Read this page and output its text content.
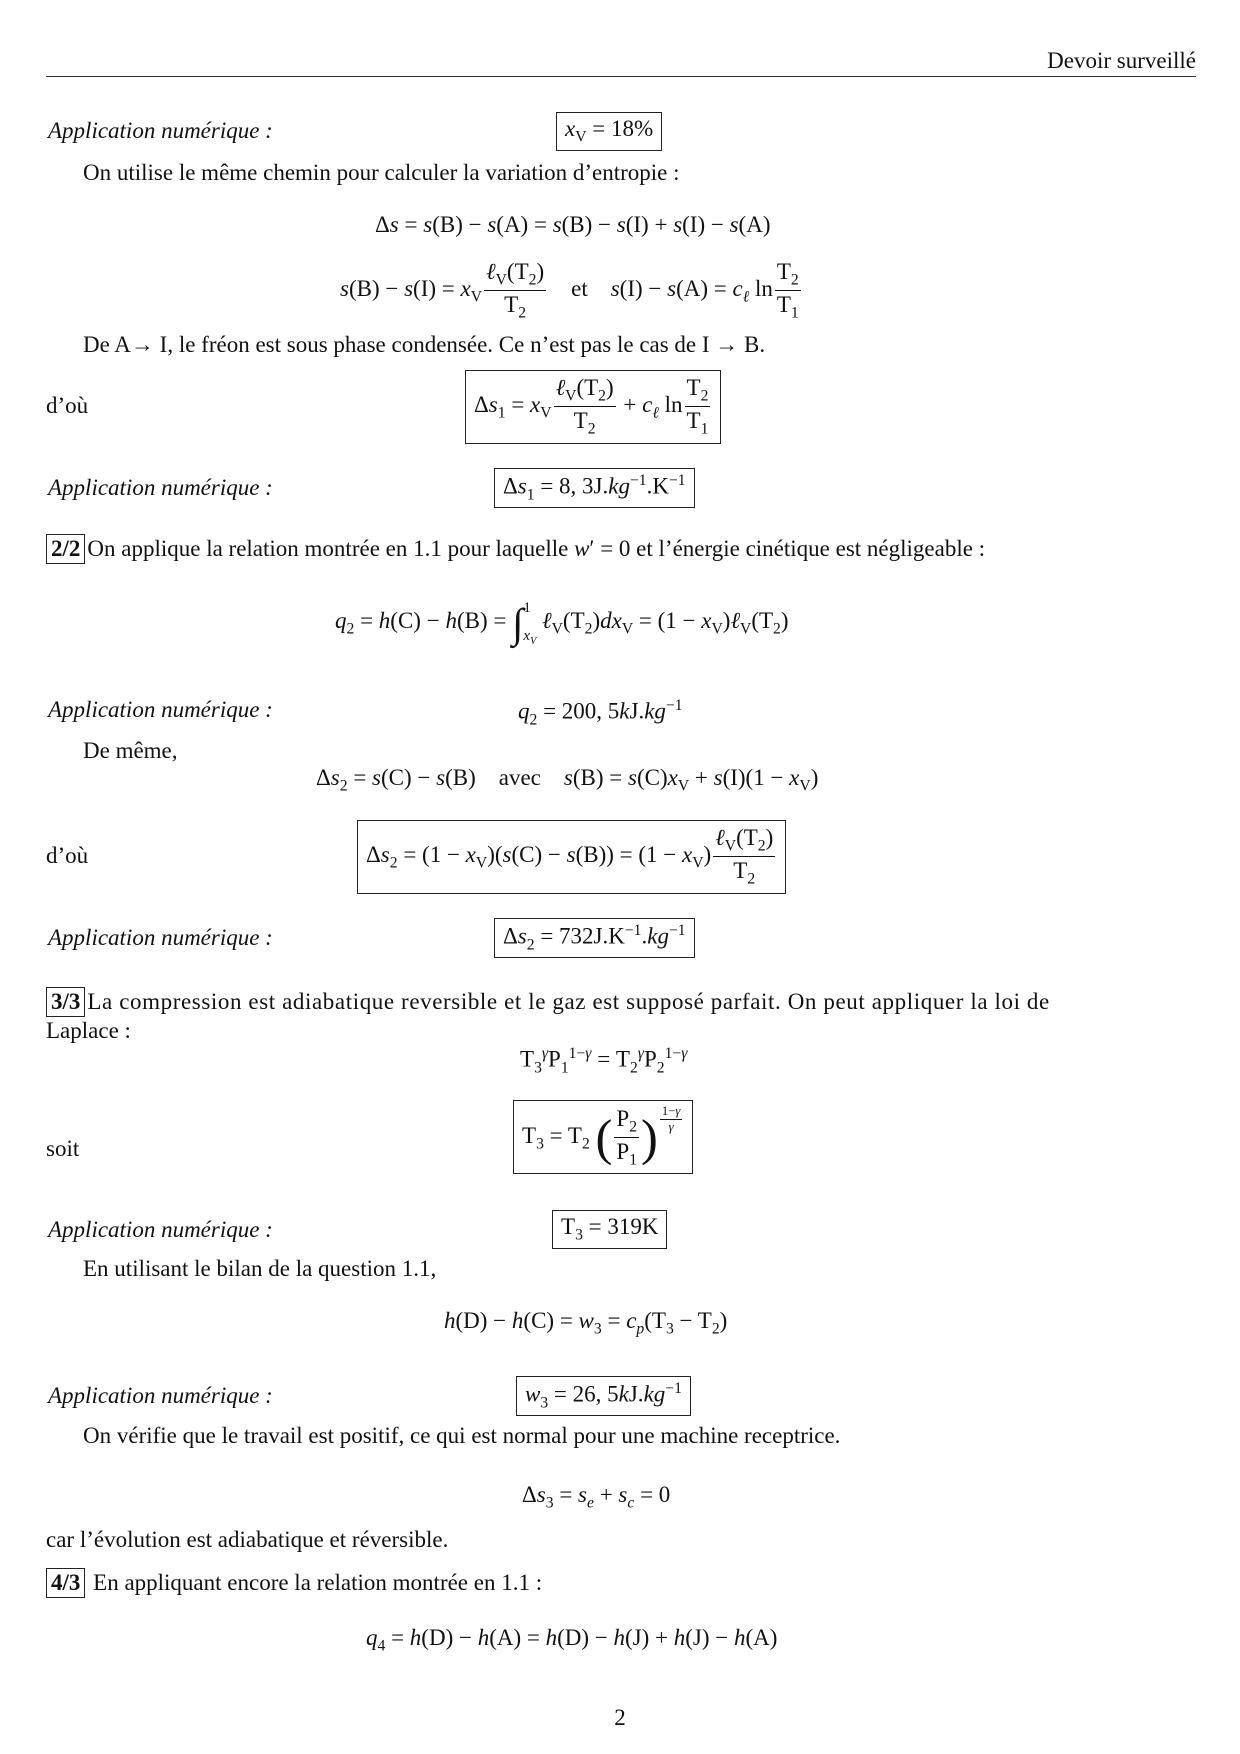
Devoir surveillé
Application numérique :	$x_V = 18\%$
On utilise le même chemin pour calculer la variation d’entropie :
Δs = s(B) − s(A) = s(B) − s(I) + s(I) − s(A)
$s(B) - s(I) = x_V \frac{\ell_V(T_2)}{T_2}$ et    $s(I) - s(A) = c_\ell$ $\ln \frac{T_2}{T_1}$
De A→ I, le fréon est sous phase condensée. Ce n’est pas le cas de I → B.
d’où	$\Delta s_1 = x_V \frac{\ell_V(T_2)}{T_2} + c_\ell$ $\ln \frac{T_2}{T_1}$
Application numérique :	$\Delta s_1 = 8$, $3J.kg^{-1}.K^{-1}$
2/2 On applique la relation montrée en 1.1 pour laquelle w′ = 0 et l’énergie cinétique est négligeable :
$q_2 = h(C) - h(B)$ = ∫ 1
$x_V$
$\ell_V(T_2)dx_V = (1$ − $x_V)\ell_V(T_2)$
Application numérique :	$q_2 = 200$, $5kJ.kg^{-1}$
De même,
$\Delta s_2 = s(C) - s(B)$    avec    $s(B) = s(C)x_V + s(I)(1 - x_V)$
d’où	$\Delta s_2 = (1 - x_V)(s(C) - s(B)) = (1 - x_V) \frac{\ell_V(T_2)}{T_2}$
Application numérique :	$\Delta s_2 = 732J.K^{-1}.kg^{-1}$
3/3 La compression est adiabatique reversible et le gaz est supposé parfait. On peut appliquer la loi de
Laplace :
$T_3^\gamma P_1^{1-\gamma} = T_2^\gamma P_2^{1-\gamma}$
soit
$T_3 = T_2$ ( $\frac{P_2}{P_1}$ ) $^{\frac{1-\gamma}{\gamma}}$
Application numérique :	$T_3 = 319K$
En utilisant le bilan de la question 1.1,
$h(D) - h(C) = w_3 = c_p(T_3 - T_2)$
Application numérique :	$w_3 = 26$, $5kJ.kg^{-1}$
On vérifie que le travail est positif, ce qui est normal pour une machine receptrice.
$\Delta s_3 = s_e + s_c = 0$
car l’évolution est adiabatique et réversible.
4/3 En appliquant encore la relation montrée en 1.1 :
$q_4 = h(D) - h(A) = h(D) - h(J) + h(J) - h(A)$
2
